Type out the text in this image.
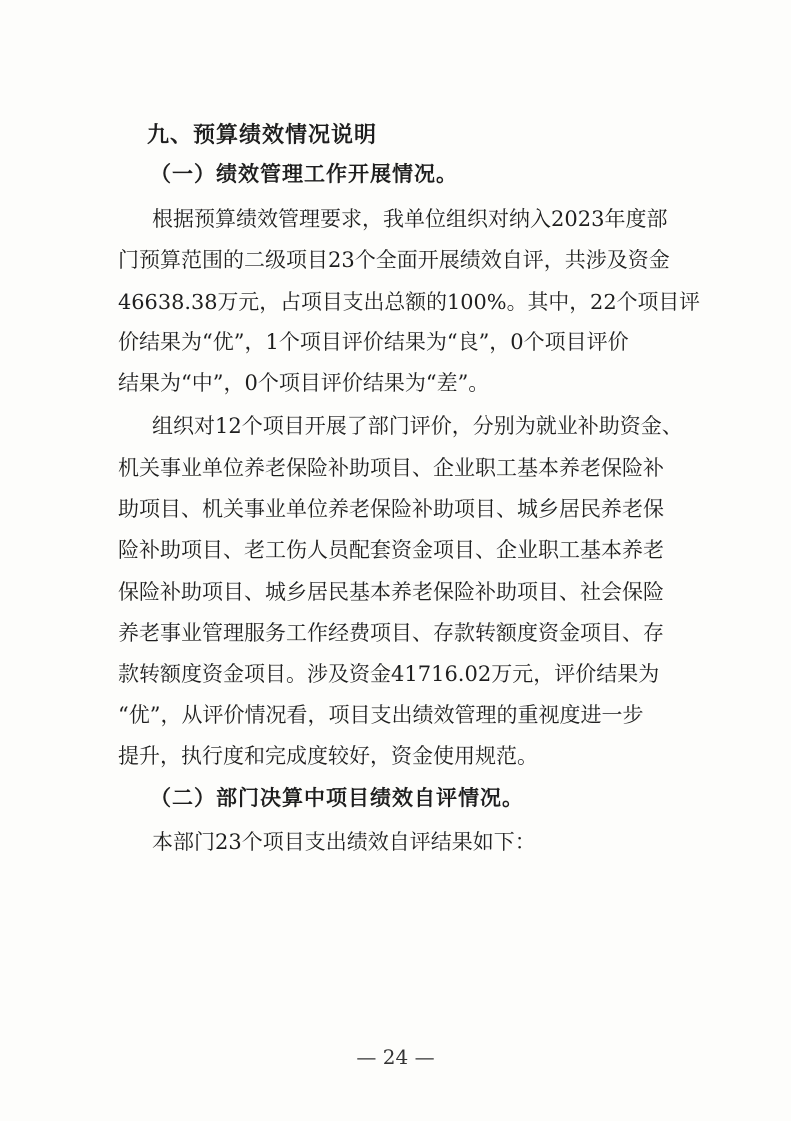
九、预算绩效情况说明
（一）绩效管理工作开展情况。

根据预算绩效管理要求，我单位组织对纳入2023年度部

门预算范围的二级项目23个全面开展绩效自评，共涉及资金

46638.38万元，占项目支出总额的100%。其中，22个项目评

价结果为“优”，1个项目评价结果为“良”，0个项目评价

结果为“中”，0个项目评价结果为“差”。

组织对12个项目开展了部门评价，分别为就业补助资金、

机关事业单位养老保险补助项目、企业职工基本养老保险补

助项目、机关事业单位养老保险补助项目、城乡居民养老保

险补助项目、老工伤人员配套资金项目、企业职工基本养老

保险补助项目、城乡居民基本养老保险补助项目、社会保险

养老事业管理服务工作经费项目、存款转额度资金项目、存

款转额度资金项目。涉及资金41716.02万元，评价结果为

“优”，从评价情况看，项目支出绩效管理的重视度进一步

提升，执行度和完成度较好，资金使用规范。

（二）部门决算中项目绩效自评情况。

本部门23个项目支出绩效自评结果如下：

— 24 —
